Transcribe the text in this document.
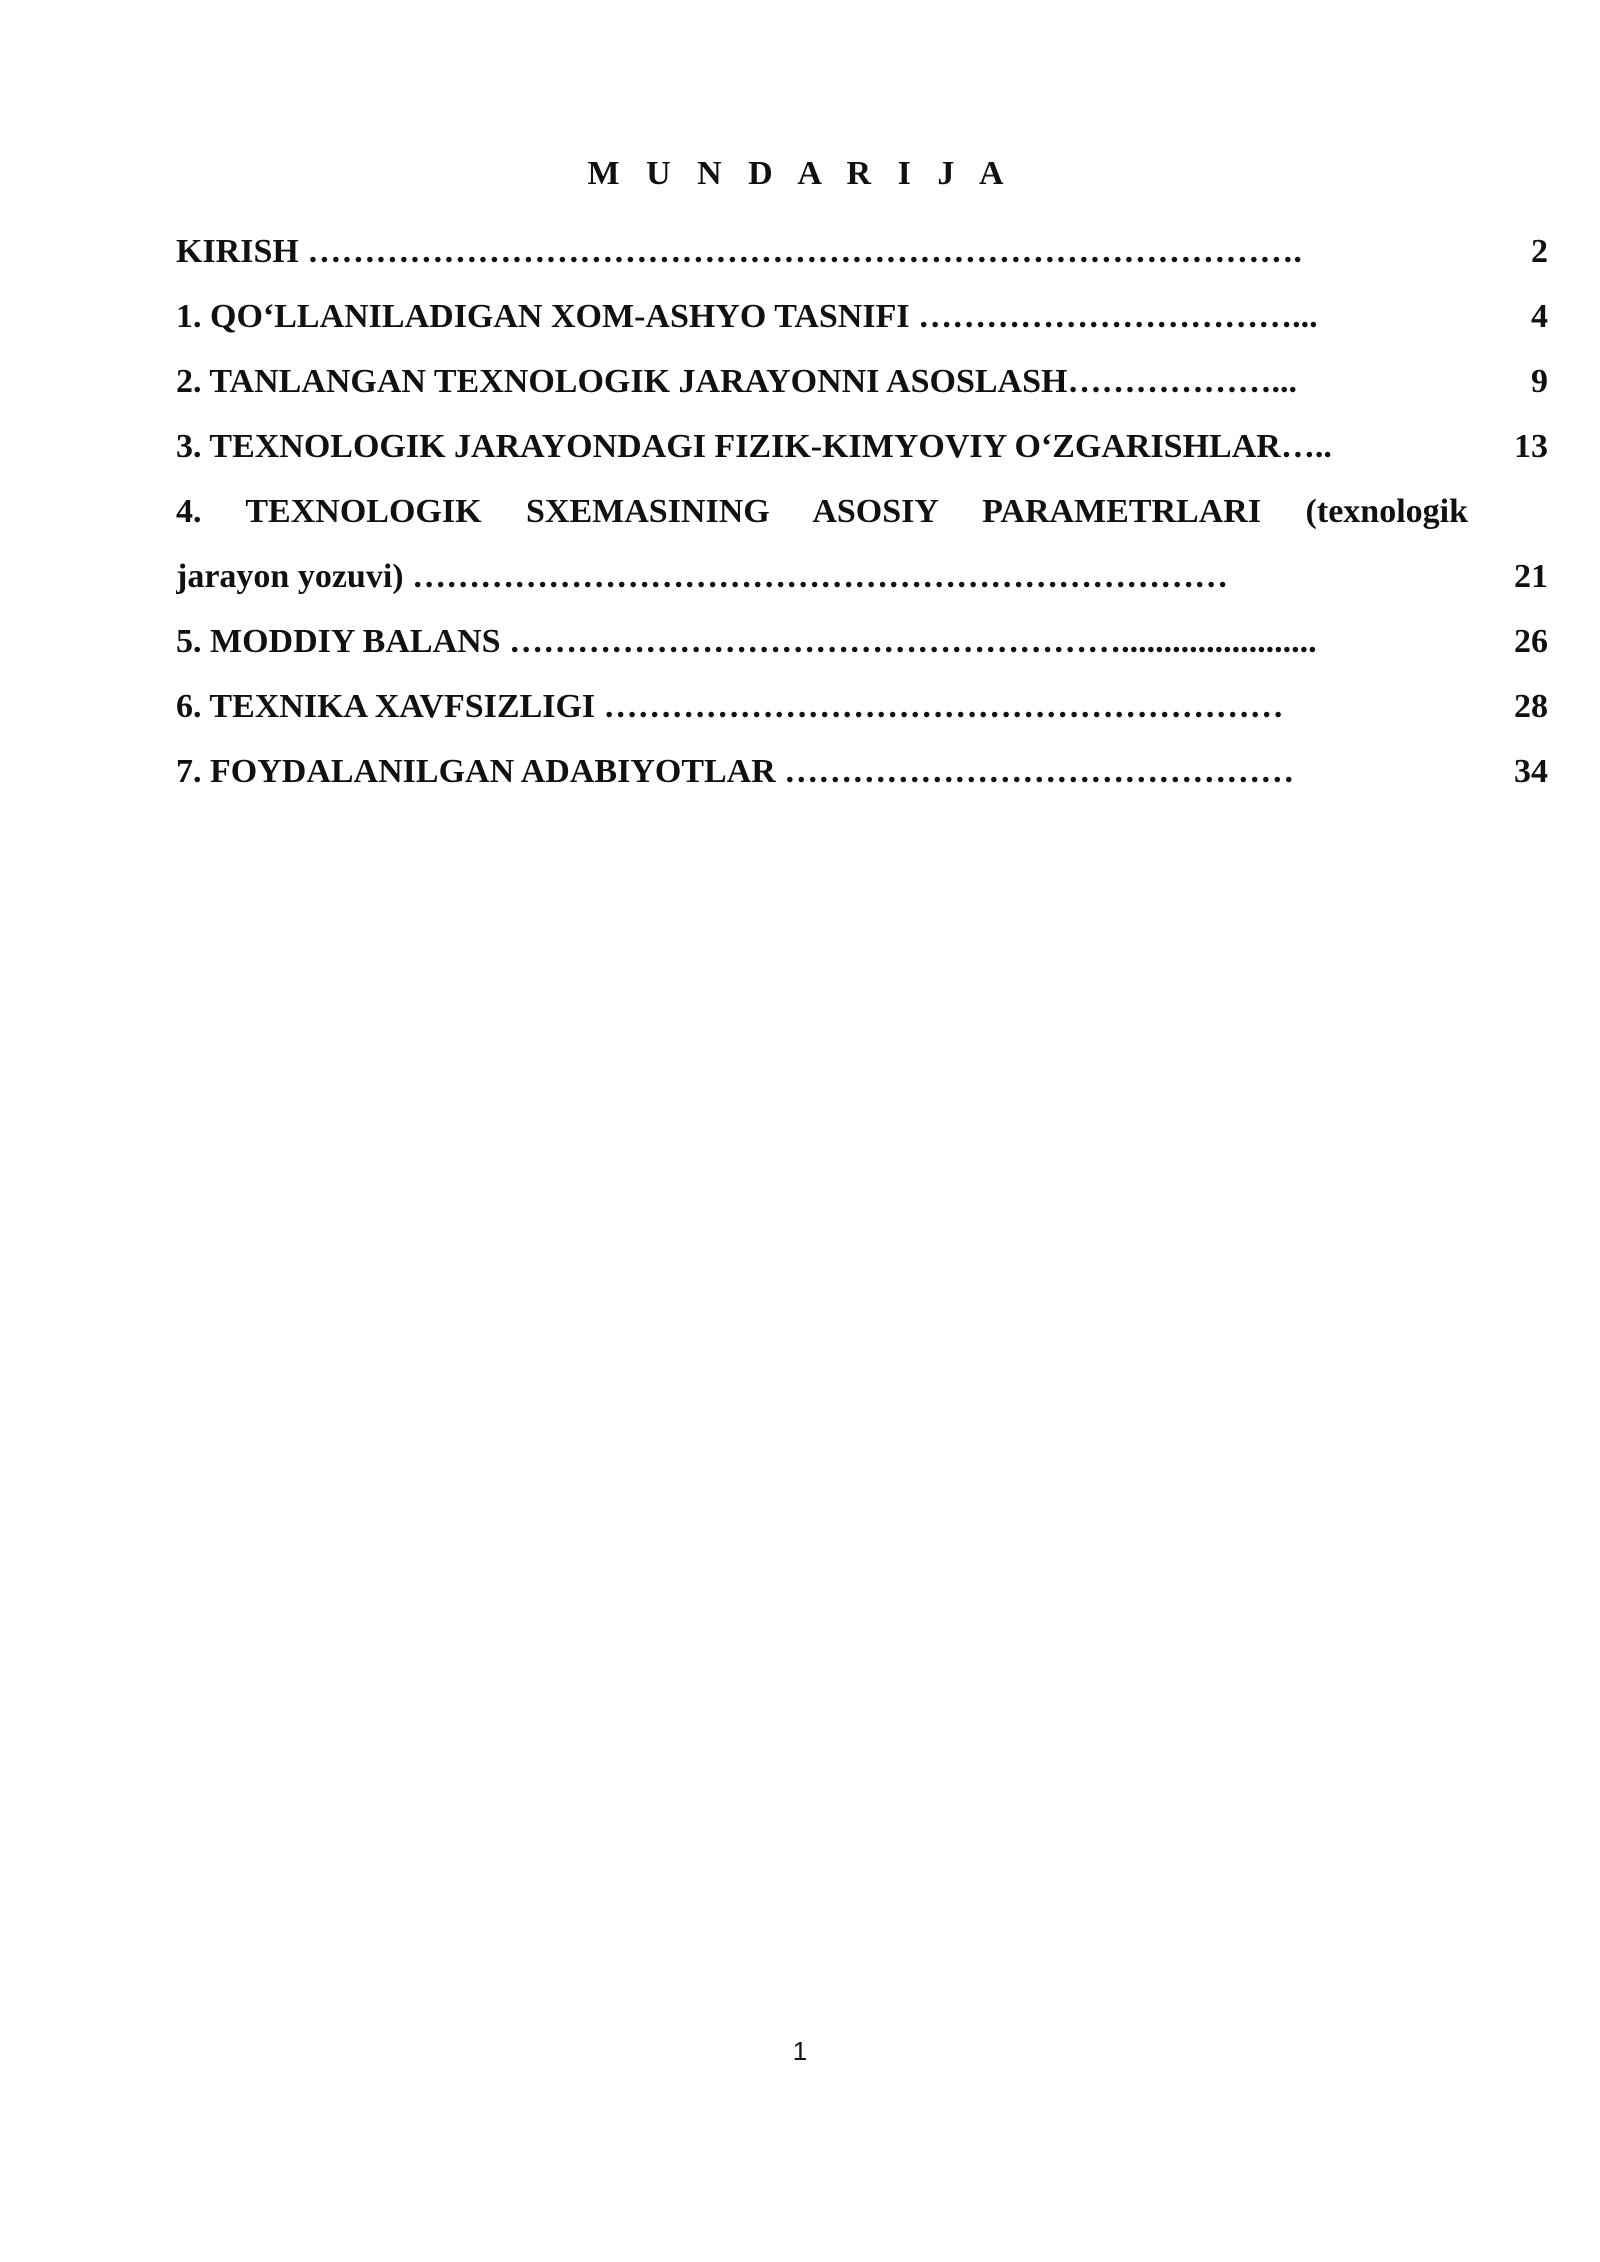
M U N D A R I J A
KIRISH …………………………………………………………………………….	2
1. QO‘LLANILADIGAN XOM-ASHYO TASNIFI ……………………………...	4
2. TANLANGAN TEXNOLOGIK JARAYONNI ASOSLASH………………...	9
3. TEXNOLOGIK JARAYONDAGI FIZIK-KIMYOVIY O‘ZGARISHLAR…..	13
4. TEXNOLOGIK SXEMASINING ASOSIY PARAMETRLARI (texnologik
jarayon yozuvi) ………………………………………………………………	21
5. MODDIY BALANS ……………………………………………….......................	26
6. TEXNIKA XAVFSIZLIGI ……………………………………………………	28
7. FOYDALANILGAN ADABIYOTLAR ………………………………………	34
1
